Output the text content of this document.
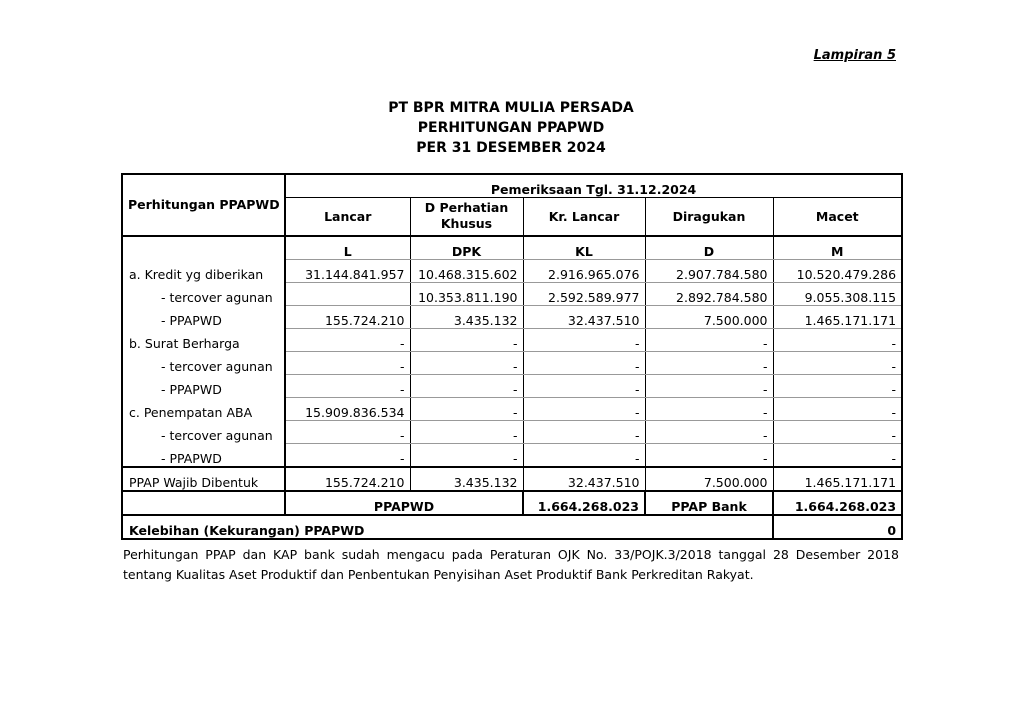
Lampiran 5
PT BPR MITRA MULIA PERSADA
PERHITUNGAN PPAPWD
PER 31 DESEMBER 2024
Perhitungan PPAPWD	Pemeriksaan Tgl. 31.12.2024				
	Lancar	D Perhatian Khusus	Kr. Lancar	Diragukan	Macet
	L	DPK	KL	D	M
a. Kredit yg diberikan	31.144.841.957	10.468.315.602	2.916.965.076	2.907.784.580	10.520.479.286
- tercover agunan		10.353.811.190	2.592.589.977	2.892.784.580	9.055.308.115
- PPAPWD	155.724.210	3.435.132	32.437.510	7.500.000	1.465.171.171
b. Surat Berharga	-	-	-	-	-
- tercover agunan	-	-	-	-	-
- PPAPWD	-	-	-	-	-
c. Penempatan ABA	15.909.836.534	-	-	-	-
- tercover agunan	-	-	-	-	-
- PPAPWD	-	-	-	-	-
PPAP Wajib Dibentuk	155.724.210	3.435.132	32.437.510	7.500.000	1.465.171.171
	PPAPWD		1.664.268.023	PPAP Bank	1.664.268.023
Kelebihan (Kekurangan) PPAPWD					0
Perhitungan PPAP dan KAP bank sudah mengacu pada Peraturan OJK No. 33/POJK.3/2018 tanggal 28 Desember 2018 tentang Kualitas Aset Produktif dan Penbentukan Penyisihan Aset Produktif Bank Perkreditan Rakyat.
